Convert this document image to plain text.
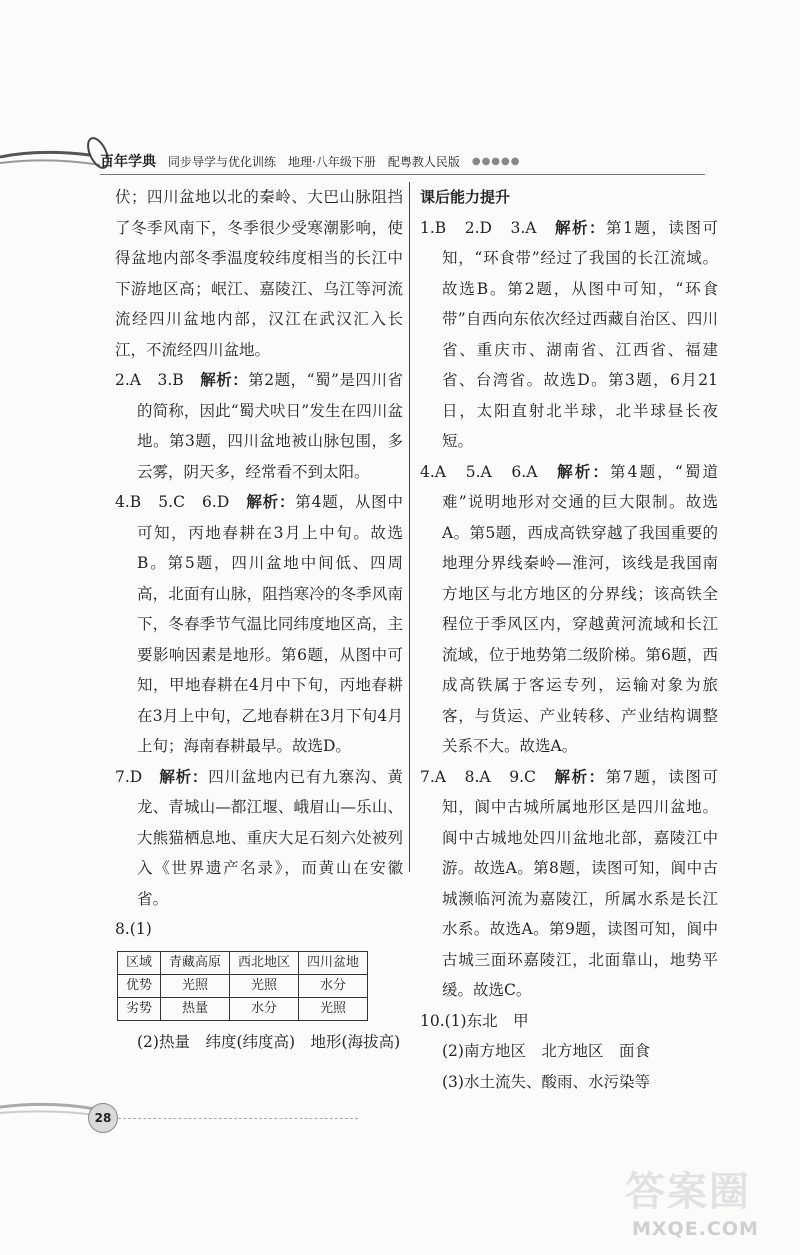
百年学典 同步导学与优化训练 地理·八年级下册 配粤教人民版 ●●●●●

伏；四川盆地以北的秦岭、大巴山脉阻挡了冬季风南下，冬季很少受寒潮影响，使得盆地内部冬季温度较纬度相当的长江中下游地区高；岷江、嘉陵江、乌江等河流流经四川盆地内部，汉江在武汉汇入长江，不流经四川盆地。

2.A　3.B　解析：第2题，“蜀”是四川省的简称，因此“蜀犬吠日”发生在四川盆地。第3题，四川盆地被山脉包围，多云雾，阴天多，经常看不到太阳。

4.B　5.C　6.D　解析：第4题，从图中可知，丙地春耕在3月上中旬。故选B。第5题，四川盆地中间低、四周高，北面有山脉，阻挡寒冷的冬季风南下，冬春季节气温比同纬度地区高，主要影响因素是地形。第6题，从图中可知，甲地春耕在4月中下旬，丙地春耕在3月上中旬，乙地春耕在3月下旬4月上旬；海南春耕最早。故选D。

7.D　解析：四川盆地内已有九寨沟、黄龙、青城山—都江堰、峨眉山—乐山、大熊猫栖息地、重庆大足石刻六处被列入《世界遗产名录》，而黄山在安徽省。

8.(1)

区域	青藏高原	西北地区	四川盆地
优势	光照	光照	水分
劣势	热量	水分	光照

(2)热量　纬度(纬度高)　地形(海拔高)

课后能力提升

1.B　2.D　3.A　解析：第1题，读图可知，“环食带”经过了我国的长江流域。故选B。第2题，从图中可知，“环食带”自西向东依次经过西藏自治区、四川省、重庆市、湖南省、江西省、福建省、台湾省。故选D。第3题，6月21日，太阳直射北半球，北半球昼长夜短。

4.A　5.A　6.A　解析：第4题，“蜀道难”说明地形对交通的巨大限制。故选A。第5题，西成高铁穿越了我国重要的地理分界线秦岭—淮河，该线是我国南方地区与北方地区的分界线；该高铁全程位于季风区内，穿越黄河流域和长江流域，位于地势第二级阶梯。第6题，西成高铁属于客运专列，运输对象为旅客，与货运、产业转移、产业结构调整关系不大。故选A。

7.A　8.A　9.C　解析：第7题，读图可知，阆中古城所属地形区是四川盆地。阆中古城地处四川盆地北部，嘉陵江中游。故选A。第8题，读图可知，阆中古城濒临河流为嘉陵江，所属水系是长江水系。故选A。第9题，读图可知，阆中古城三面环嘉陵江，北面靠山，地势平缓。故选C。

10.(1)东北　甲

(2)南方地区　北方地区　面食

(3)水土流失、酸雨、水污染等

28
答案圈
MXQE.COM
